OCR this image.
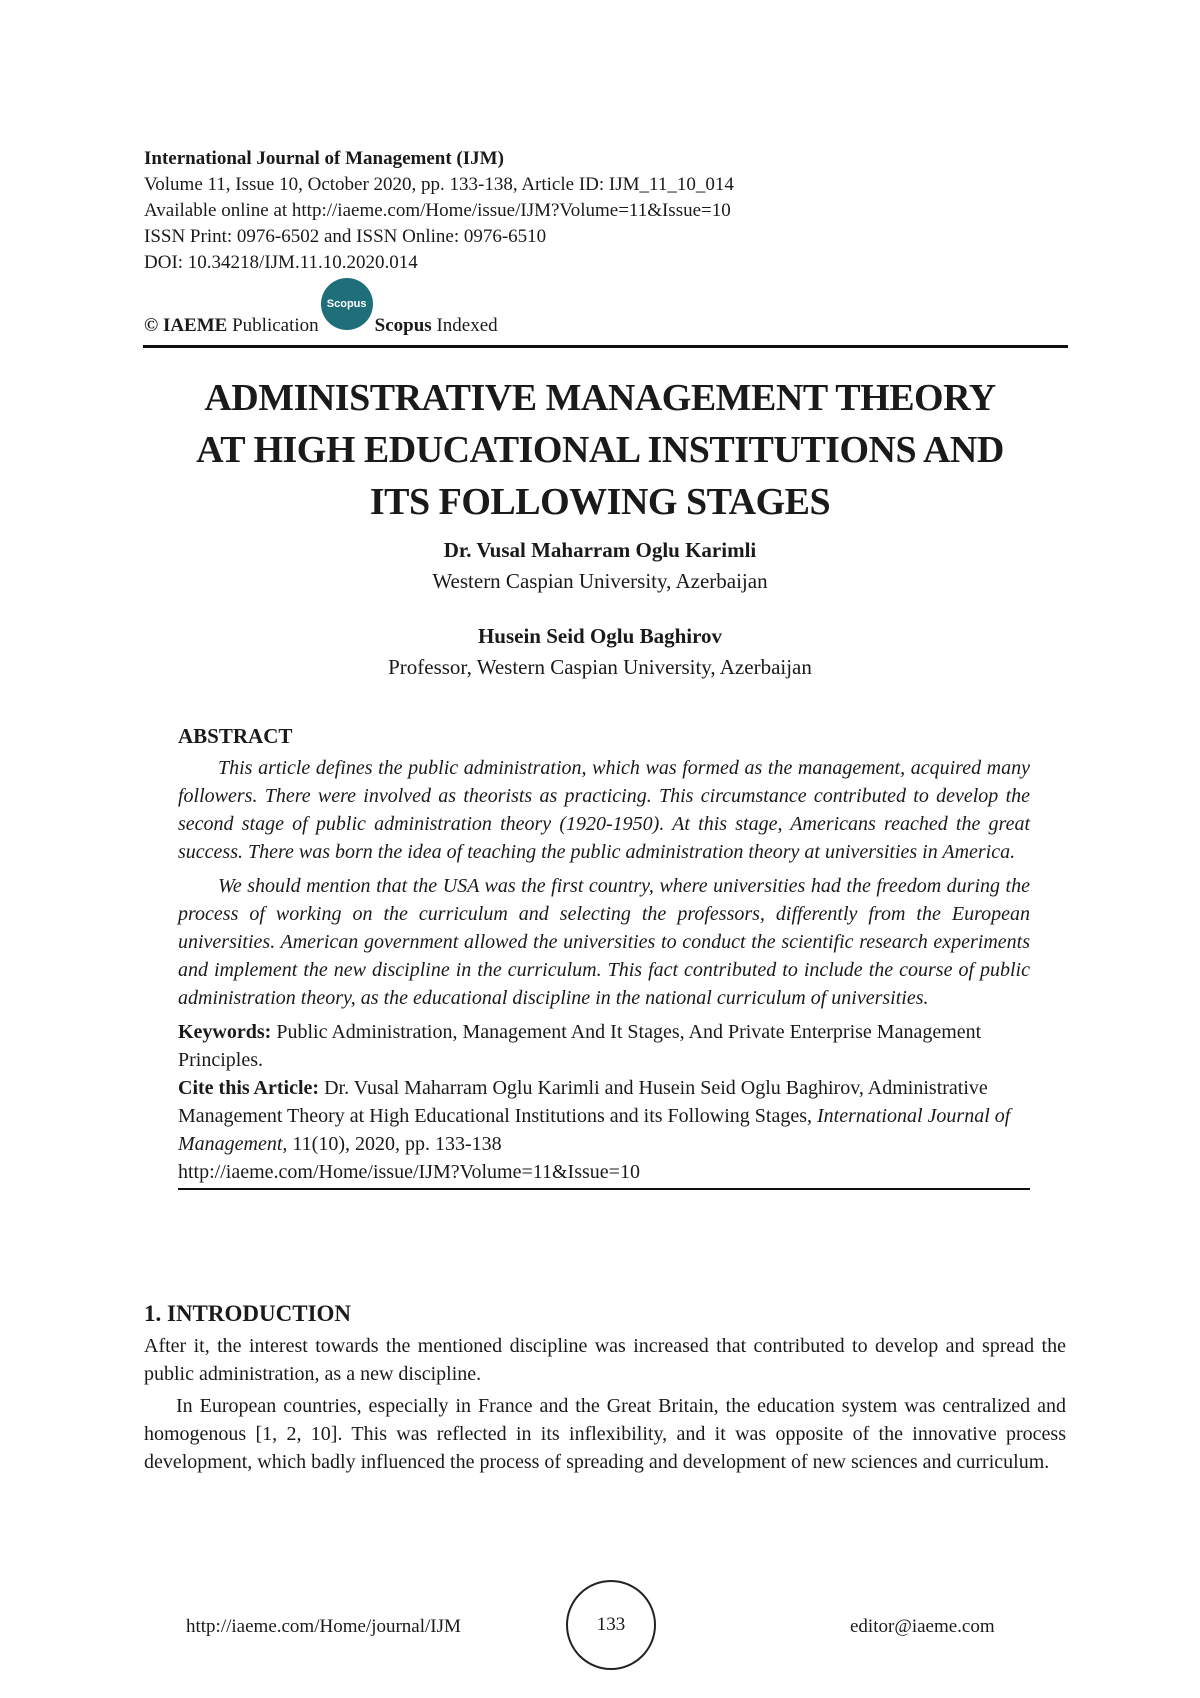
International Journal of Management (IJM)
Volume 11, Issue 10, October 2020, pp. 133-138, Article ID: IJM_11_10_014
Available online at http://iaeme.com/Home/issue/IJM?Volume=11&Issue=10
ISSN Print: 0976-6502 and ISSN Online: 0976-6510
DOI: 10.34218/IJM.11.10.2020.014
© IAEME
Publication
Scopus
Scopus
Indexed
ADMINISTRATIVE MANAGEMENT THEORY
AT HIGH EDUCATIONAL INSTITUTIONS AND
ITS FOLLOWING STAGES
Dr. Vusal Maharram Oglu Karimli
Western Caspian University, Azerbaijan
Husein Seid Oglu Baghirov
Professor, Western Caspian University, Azerbaijan
ABSTRACT

This article defines the public administration, which was formed as the management, acquired many followers. There were involved as theorists as practicing. This circumstance contributed to develop the second stage of public administration theory (1920-1950). At this stage, Americans reached the great success. There was born the idea of teaching the public administration theory at universities in America.

We should mention that the USA was the first country, where universities had the freedom during the process of working on the curriculum and selecting the professors, differently from the European universities. American government allowed the universities to conduct the scientific research experiments and implement the new discipline in the curriculum. This fact contributed to include the course of public administration theory, as the educational discipline in the national curriculum of universities.

Keywords: Public Administration, Management And It Stages, And Private Enterprise Management Principles.
Cite this Article: Dr. Vusal Maharram Oglu Karimli and Husein Seid Oglu Baghirov, Administrative Management Theory at High Educational Institutions and its Following Stages, International Journal of Management, 11(10), 2020, pp. 133-138
http://iaeme.com/Home/issue/IJM?Volume=11&Issue=10
1. INTRODUCTION

After it, the interest towards the mentioned discipline was increased that contributed to develop and spread the public administration, as a new discipline.

In European countries, especially in France and the Great Britain, the education system was centralized and homogenous [1, 2, 10]. This was reflected in its inflexibility, and it was opposite of the innovative process development, which badly influenced the process of spreading and development of new sciences and curriculum.

http://iaeme.com/Home/journal/IJM	133	editor@iaeme.com
